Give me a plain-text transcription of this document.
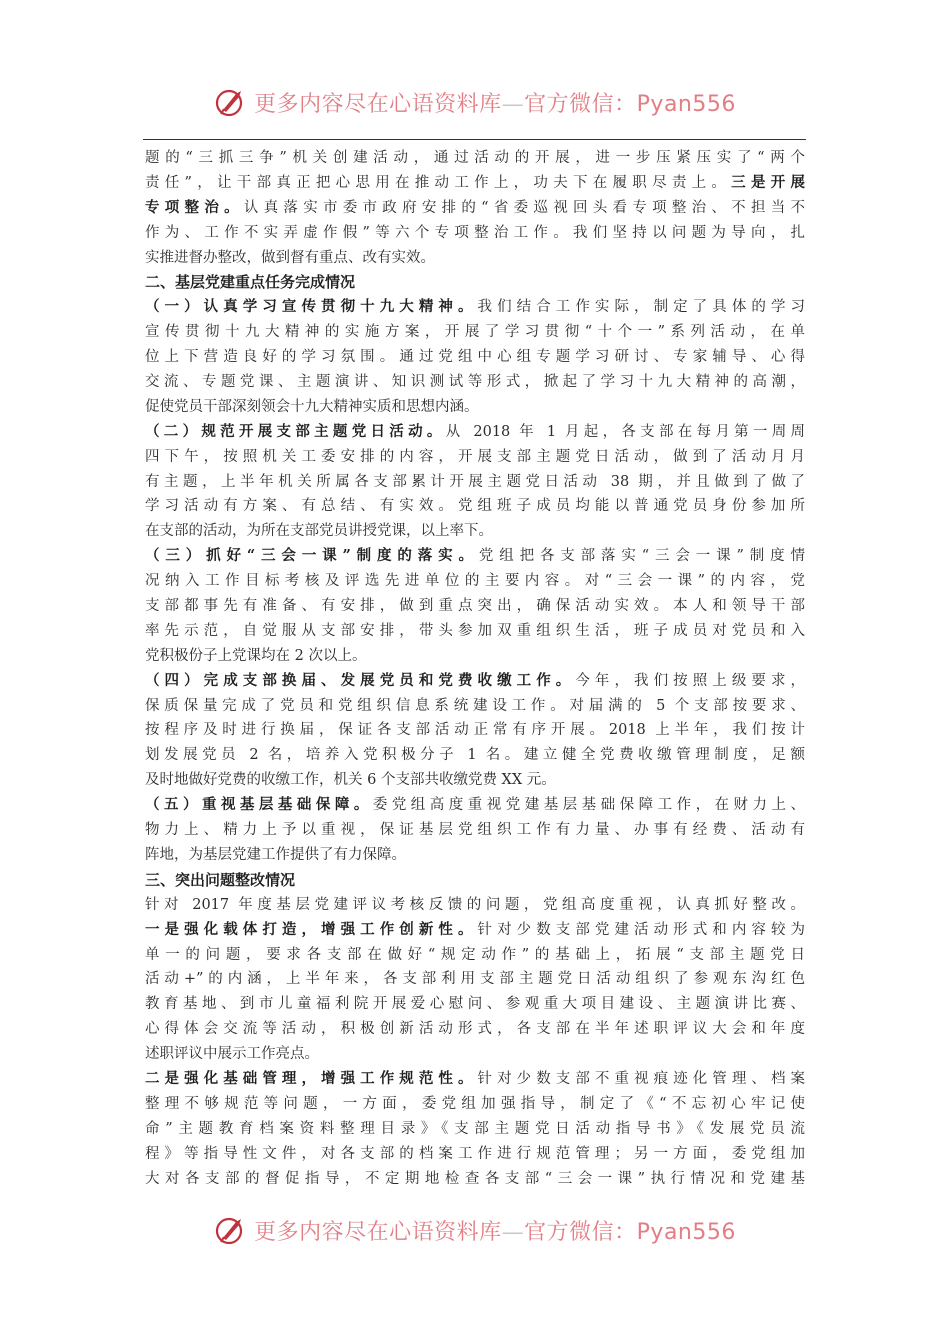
更多内容尽在心语资料库—官方微信：Pyan556
题的“三抓三争”机关创建活动，通过活动的开展，进一步压紧压实了“两个
责任”，让干部真正把心思用在推动工作上，功夫下在履职尽责上。三是开展
专项整治。认真落实市委市政府安排的“省委巡视回头看专项整治、不担当不
作为、工作不实弄虚作假”等六个专项整治工作。我们坚持以问题为导向，扎
实推进督办整改，做到督有重点、改有实效。
二、基层党建重点任务完成情况
（一）认真学习宣传贯彻十九大精神。我们结合工作实际，制定了具体的学习
宣传贯彻十九大精神的实施方案，开展了学习贯彻“十个一”系列活动，在单
位上下营造良好的学习氛围。通过党组中心组专题学习研讨、专家辅导、心得
交流、专题党课、主题演讲、知识测试等形式，掀起了学习十九大精神的高潮，
促使党员干部深刻领会十九大精神实质和思想内涵。
（二）规范开展支部主题党日活动。从 2018 年 1 月起，各支部在每月第一周周
四下午，按照机关工委安排的内容，开展支部主题党日活动，做到了活动月月
有主题，上半年机关所属各支部累计开展主题党日活动 38 期，并且做到了做了
学习活动有方案、有总结、有实效。党组班子成员均能以普通党员身份参加所
在支部的活动，为所在支部党员讲授党课，以上率下。
（三）抓好“三会一课”制度的落实。党组把各支部落实“三会一课”制度情
况纳入工作目标考核及评选先进单位的主要内容。对“三会一课”的内容，党
支部都事先有准备、有安排，做到重点突出，确保活动实效。本人和领导干部
率先示范，自觉服从支部安排，带头参加双重组织生活，班子成员对党员和入
党积极份子上党课均在 2 次以上。
（四）完成支部换届、发展党员和党费收缴工作。今年，我们按照上级要求，
保质保量完成了党员和党组织信息系统建设工作。对届满的 5 个支部按要求、
按程序及时进行换届，保证各支部活动正常有序开展。2018 上半年，我们按计
划发展党员 2 名，培养入党积极分子 1 名。建立健全党费收缴管理制度，足额
及时地做好党费的收缴工作，机关 6 个支部共收缴党费 XX 元。
（五）重视基层基础保障。委党组高度重视党建基层基础保障工作，在财力上、
物力上、精力上予以重视，保证基层党组织工作有力量、办事有经费、活动有
阵地，为基层党建工作提供了有力保障。
三、突出问题整改情况
针对 2017 年度基层党建评议考核反馈的问题，党组高度重视，认真抓好整改。
一是强化载体打造，增强工作创新性。针对少数支部党建活动形式和内容较为
单一的问题，要求各支部在做好“规定动作”的基础上，拓展“支部主题党日
活动+”的内涵，上半年来，各支部利用支部主题党日活动组织了参观东沟红色
教育基地、到市儿童福利院开展爱心慰问、参观重大项目建设、主题演讲比赛、
心得体会交流等活动，积极创新活动形式，各支部在半年述职评议大会和年度
述职评议中展示工作亮点。
二是强化基础管理，增强工作规范性。针对少数支部不重视痕迹化管理、档案
整理不够规范等问题，一方面，委党组加强指导，制定了《“不忘初心牢记使
命”主题教育档案资料整理目录》《支部主题党日活动指导书》《发展党员流
程》等指导性文件，对各支部的档案工作进行规范管理；另一方面，委党组加
大对各支部的督促指导，不定期地检查各支部“三会一课”执行情况和党建基
更多内容尽在心语资料库—官方微信：Pyan556
